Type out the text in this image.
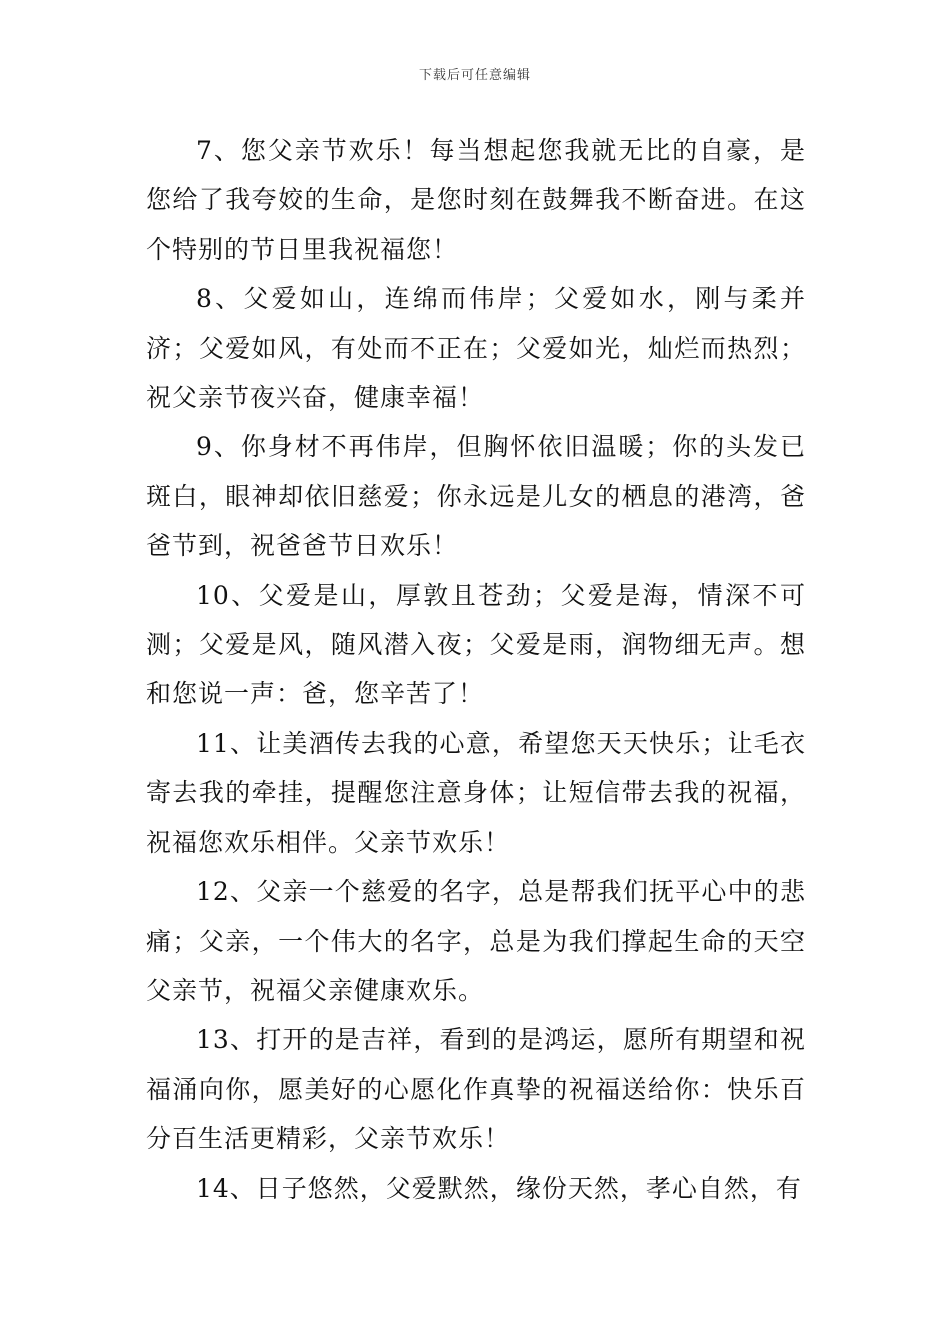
下载后可任意编辑

7、您父亲节欢乐！每当想起您我就无比的自豪，是您给了我夸姣的生命，是您时刻在鼓舞我不断奋进。在这个特别的节日里我祝福您！

8、父爱如山，连绵而伟岸；父爱如水，刚与柔并济；父爱如风，有处而不正在；父爱如光，灿烂而热烈；祝父亲节夜兴奋，健康幸福！

9、你身材不再伟岸，但胸怀依旧温暖；你的头发已斑白，眼神却依旧慈爱；你永远是儿女的栖息的港湾，爸爸节到，祝爸爸节日欢乐！

10、父爱是山，厚敦且苍劲；父爱是海，情深不可测；父爱是风，随风潜入夜；父爱是雨，润物细无声。想和您说一声：爸，您辛苦了！

11、让美酒传去我的心意，希望您天天快乐；让毛衣寄去我的牵挂，提醒您注意身体；让短信带去我的祝福，祝福您欢乐相伴。父亲节欢乐！

12、父亲一个慈爱的名字，总是帮我们抚平心中的悲痛；父亲，一个伟大的名字，总是为我们撑起生命的天空父亲节，祝福父亲健康欢乐。

13、打开的是吉祥，看到的是鸿运，愿所有期望和祝福涌向你，愿美好的心愿化作真挚的祝福送给你：快乐百分百生活更精彩，父亲节欢乐！

14、日子悠然，父爱默然，缘份天然，孝心自然，有
